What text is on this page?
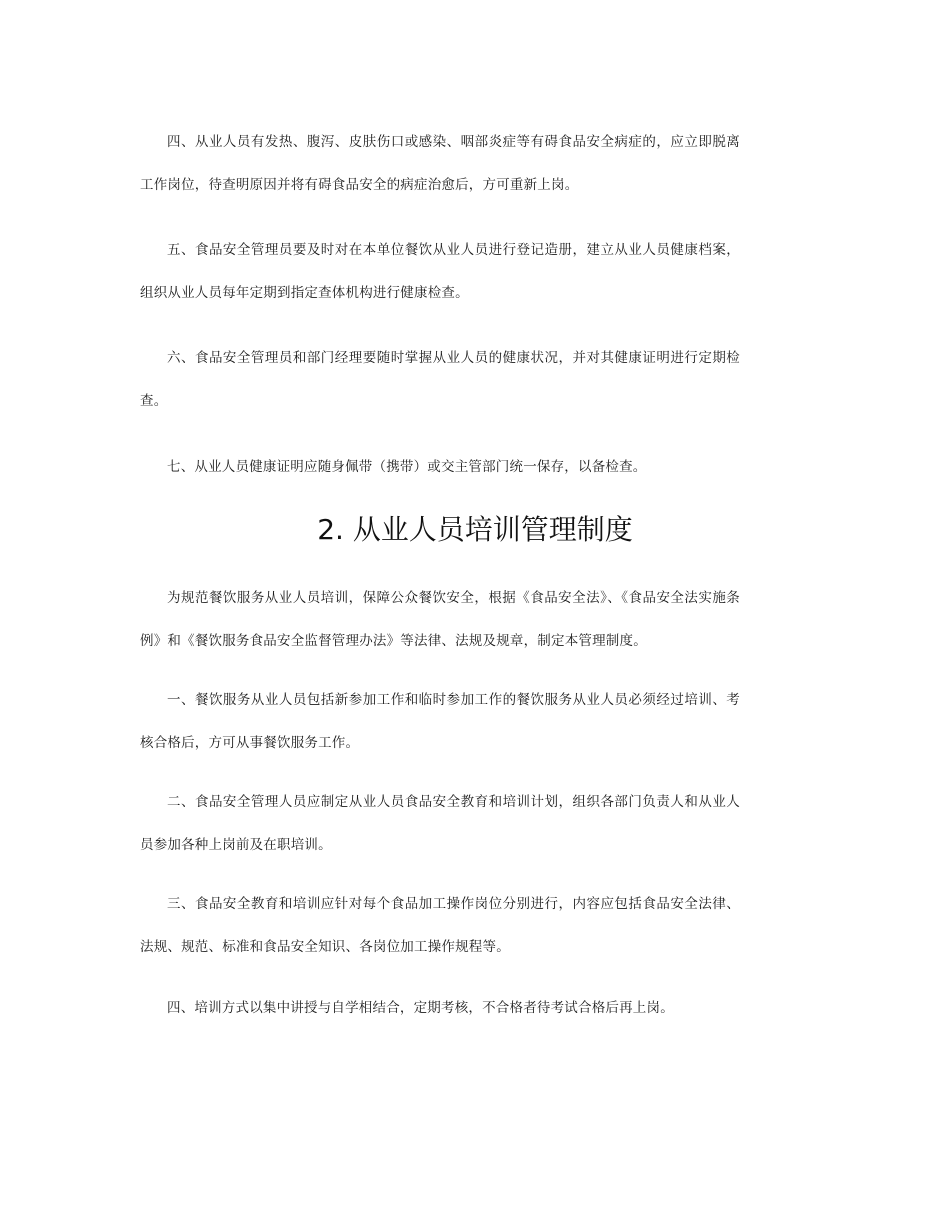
四、从业人员有发热、腹泻、皮肤伤口或感染、咽部炎症等有碍食品安全病症的，应立即脱离工作岗位，待查明原因并将有碍食品安全的病症治愈后，方可重新上岗。

五、食品安全管理员要及时对在本单位餐饮从业人员进行登记造册，建立从业人员健康档案，组织从业人员每年定期到指定查体机构进行健康检查。

六、食品安全管理员和部门经理要随时掌握从业人员的健康状况，并对其健康证明进行定期检查。

七、从业人员健康证明应随身佩带（携带）或交主管部门统一保存，以备检查。

2. 从业人员培训管理制度

为规范餐饮服务从业人员培训，保障公众餐饮安全，根据《食品安全法》、《食品安全法实施条例》和《餐饮服务食品安全监督管理办法》等法律、法规及规章，制定本管理制度。

一、餐饮服务从业人员包括新参加工作和临时参加工作的餐饮服务从业人员必须经过培训、考核合格后，方可从事餐饮服务工作。

二、食品安全管理人员应制定从业人员食品安全教育和培训计划，组织各部门负责人和从业人员参加各种上岗前及在职培训。

三、食品安全教育和培训应针对每个食品加工操作岗位分别进行，内容应包括食品安全法律、法规、规范、标准和食品安全知识、各岗位加工操作规程等。

四、培训方式以集中讲授与自学相结合，定期考核，不合格者待考试合格后再上岗。
